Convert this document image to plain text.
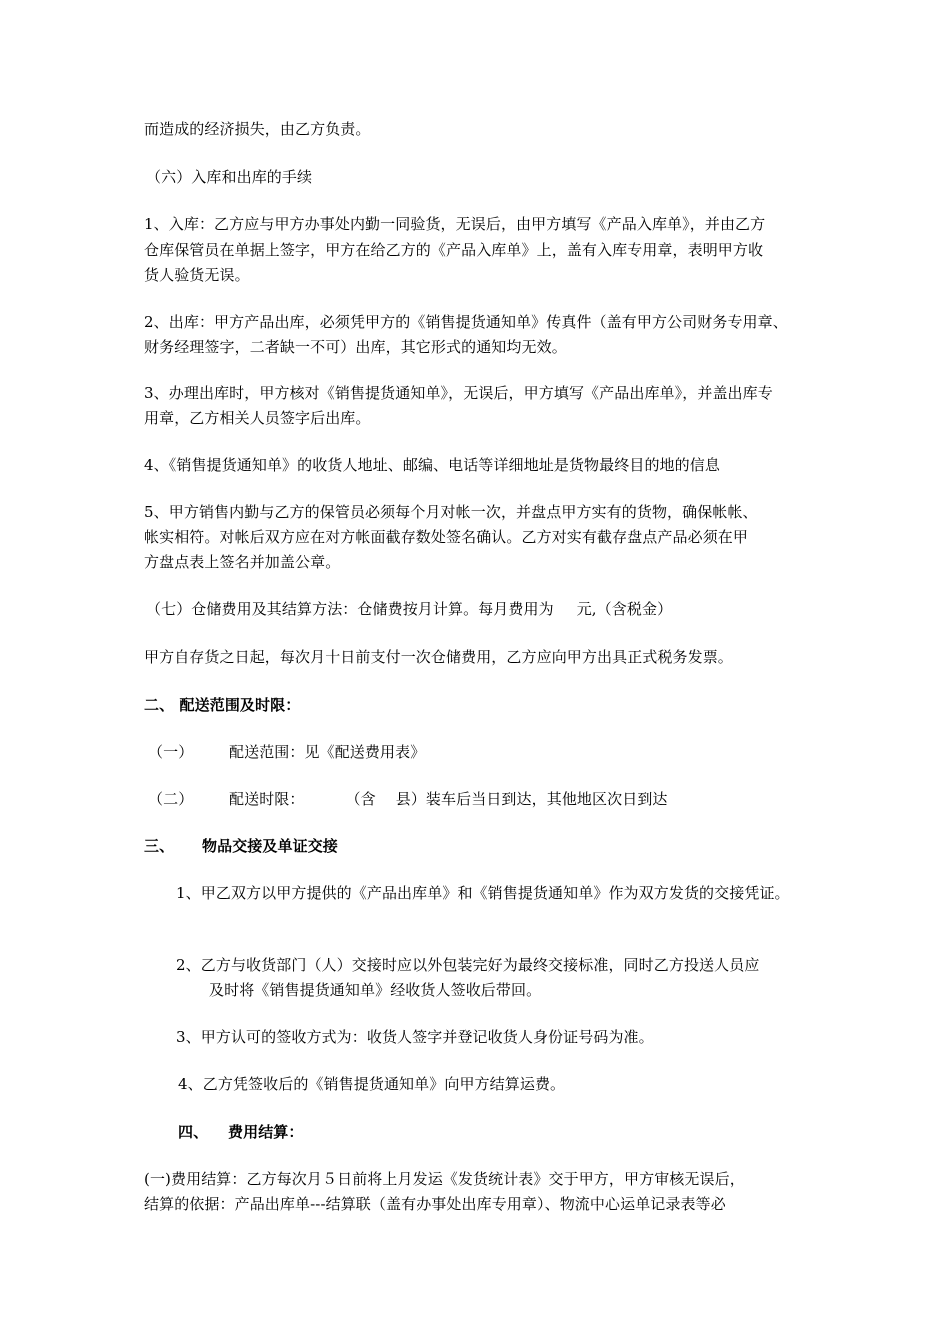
而造成的经济损失，由乙方负责。
（六）入库和出库的手续
1、入库：乙方应与甲方办事处内勤一同验货，无误后，由甲方填写《产品入库单》，并由乙方
仓库保管员在单据上签字，甲方在给乙方的《产品入库单》上，盖有入库专用章，表明甲方收
货人验货无误。
2、出库：甲方产品出库，必须凭甲方的《销售提货通知单》传真件（盖有甲方公司财务专用章、
财务经理签字，二者缺一不可）出库，其它形式的通知均无效。
3、办理出库时，甲方核对《销售提货通知单》，无误后，甲方填写《产品出库单》，并盖出库专
用章，乙方相关人员签字后出库。
4、《销售提货通知单》的收货人地址、邮编、电话等详细地址是货物最终目的地的信息
5、甲方销售内勤与乙方的保管员必须每个月对帐一次，并盘点甲方实有的货物，确保帐帐、
帐实相符。对帐后双方应在对方帐面截存数处签名确认。乙方对实有截存盘点产品必须在甲
方盘点表上签名并加盖公章。
（七）仓储费用及其结算方法：仓储费按月计算。每月费用为 元,（含税金）
甲方自存货之日起，每次月十日前支付一次仓储费用，乙方应向甲方出具正式税务发票。
二、 配送范围及时限：
（一） 配送范围：见《配送费用表》
（二） 配送时限：	（含 县）装车后当日到达，其他地区次日到达
三、 物品交接及单证交接
1、甲乙双方以甲方提供的《产品出库单》和《销售提货通知单》作为双方发货的交接凭证。
2、乙方与收货部门（人）交接时应以外包装完好为最终交接标准，同时乙方投送人员应
及时将《销售提货通知单》经收货人签收后带回。
3、甲方认可的签收方式为：收货人签字并登记收货人身份证号码为准。
4、乙方凭签收后的《销售提货通知单》向甲方结算运费。
四、 费用结算：
(一)费用结算：乙方每次月５日前将上月发运《发货统计表》交于甲方，甲方审核无误后，
结算的依据：产品出库单---结算联（盖有办事处出库专用章）、物流中心运单记录表等必
